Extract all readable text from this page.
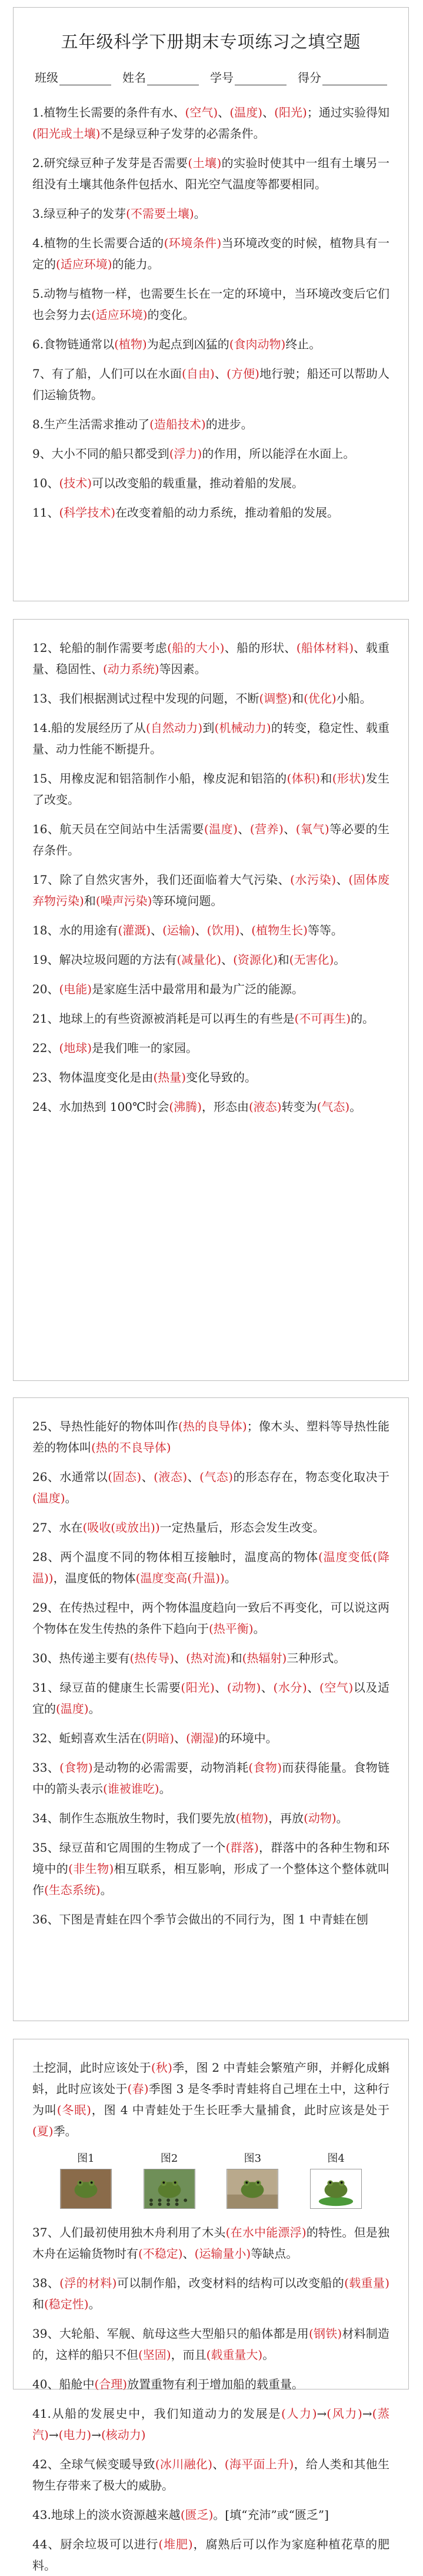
五年级科学下册期末专项练习之填空题
班级	姓名	学号	得分

1.植物生长需要的条件有水、(空气)、(温度)、(阳光)；通过实验得知(阳光或土壤)不是绿豆种子发芽的必需条件。

2.研究绿豆种子发芽是否需要(土壤)的实验时使其中一组有土壤另一组没有土壤其他条件包括水、阳光空气温度等都要相同。

3.绿豆种子的发芽(不需要土壤)。

4.植物的生长需要合适的(环境条件)当环境改变的时候，植物具有一定的(适应环境)的能力。

5.动物与植物一样，也需要生长在一定的环境中，当环境改变后它们也会努力去(适应环境)的变化。

6.食物链通常以(植物)为起点到凶猛的(食肉动物)终止。

7、有了船，人们可以在水面(自由)、(方便)地行驶；船还可以帮助人们运输货物。

8.生产生活需求推动了(造船技术)的进步。

9、大小不同的船只都受到(浮力)的作用，所以能浮在水面上。

10、(技术)可以改变船的载重量，推动着船的发展。

11、(科学技术)在改变着船的动力系统，推动着船的发展。

12、轮船的制作需要考虑(船的大小)、船的形状、(船体材料)、载重量、稳固性、(动力系统)等因素。

13、我们根据测试过程中发现的问题，不断(调整)和(优化)小船。

14.船的发展经历了从(自然动力)到(机械动力)的转变，稳定性、载重量、动力性能不断提升。

15、用橡皮泥和铝箔制作小船，橡皮泥和铝箔的(体积)和(形状)发生了改变。

16、航天员在空间站中生活需要(温度)、(营养)、(氧气)等必要的生存条件。

17、除了自然灾害外，我们还面临着大气污染、(水污染)、(固体废弃物污染)和(噪声污染)等环境问题。

18、水的用途有(灌溉)、(运输)、(饮用)、(植物生长)等等。

19、解决垃圾问题的方法有(减量化)、(资源化)和(无害化)。

20、(电能)是家庭生活中最常用和最为广泛的能源。

21、地球上的有些资源被消耗是可以再生的有些是(不可再生)的。

22、(地球)是我们唯一的家园。

23、物体温度变化是由(热量)变化导致的。

24、水加热到 100℃时会(沸腾)，形态由(液态)转变为(气态)。

25、导热性能好的物体叫作(热的良导体)；像木头、塑料等导热性能差的物体叫(热的不良导体)

26、水通常以(固态)、(液态)、(气态)的形态存在，物态变化取决于(温度)。

27、水在(吸收(或放出))一定热量后，形态会发生改变。

28、两个温度不同的物体相互接触时，温度高的物体(温度变低(降温))，温度低的物体(温度变高(升温))。

29、在传热过程中，两个物体温度趋向一致后不再变化，可以说这两个物体在发生传热的条件下趋向于(热平衡)。

30、热传递主要有(热传导)、(热对流)和(热辐射)三种形式。

31、绿豆苗的健康生长需要(阳光)、(动物)、(水分)、(空气)以及适宜的(温度)。

32、蚯蚓喜欢生活在(阴暗)、(潮湿)的环境中。

33、(食物)是动物的必需需要，动物消耗(食物)而获得能量。食物链中的箭头表示(谁被谁吃)。

34、制作生态瓶放生物时，我们要先放(植物)，再放(动物)。

35、绿豆苗和它周围的生物成了一个(群落)，群落中的各种生物和环境中的(非生物)相互联系，相互影响，形成了一个整体这个整体就叫作(生态系统)。

36、下图是青蛙在四个季节会做出的不同行为，图 1 中青蛙在刨

土挖洞，此时应该处于(秋)季，图 2 中青蛙会繁殖产卵，并孵化成蝌蚪，此时应该处于(春)季图 3 是冬季时青蛙将自己埋在土中，这种行为叫(冬眠)，图 4 中青蛙处于生长旺季大量捕食，此时应该是处于(夏)季。

图1	图2	图3	图4

37、人们最初使用独木舟利用了木头(在水中能漂浮)的特性。但是独木舟在运输货物时有(不稳定)、(运输量小)等缺点。

38、(浮的材料)可以制作船，改变材料的结构可以改变船的(载重量)和(稳定性)。

39、大轮船、军舰、航母这些大型船只的船体都是用(钢铁)材料制造的，这样的船只不但(坚固)，而且(载重量大)。

40、船舱中(合理)放置重物有利于增加船的载重量。

41.从船的发展史中，我们知道动力的发展是(人力)→(风力)→(蒸汽)→(电力)→(核动力)

42、全球气候变暖导致(冰川融化)、(海平面上升)，给人类和其他生物生存带来了极大的威胁。

43.地球上的淡水资源越来越(匮乏)。[填“充沛”或“匮乏”]

44、厨余垃圾可以进行(堆肥)，腐熟后可以作为家庭种植花草的肥料。
